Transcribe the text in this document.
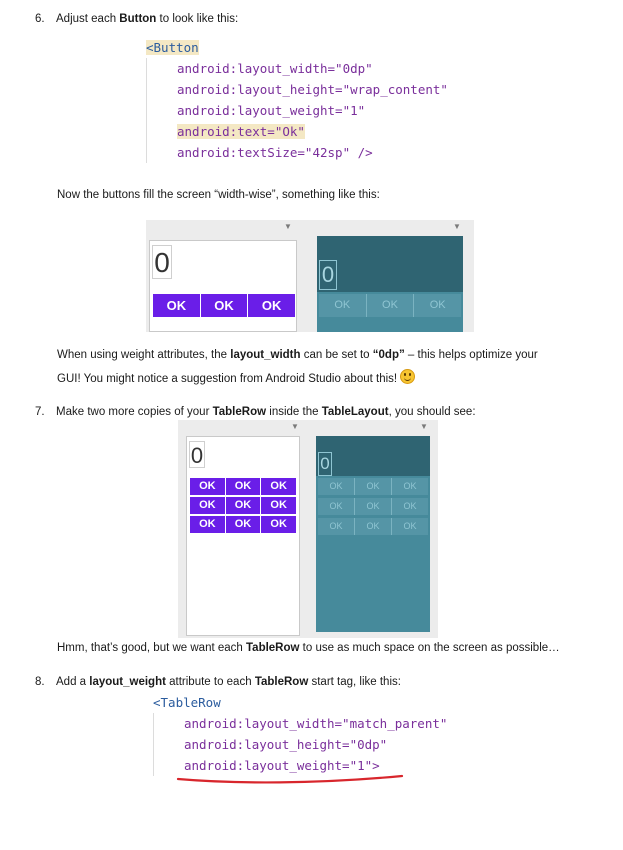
6. Adjust each Button to look like this:
<Button
android:layout_width="0dp"
android:layout_height="wrap_content"
android:layout_weight="1"
android:text="Ok"
android:textSize="42sp" />
Now the buttons fill the screen “width-wise”, something like this:
▼	▼
0
OK	OK	OK
0
OK	OK	OK
When using weight attributes, the layout_width can be set to “0dp” – this helps optimize your
GUI! You might notice a suggestion from Android Studio about this!
7. Make two more copies of your TableRow inside the TableLayout, you should see:
▼	▼
0
OK	OK	OK
OK	OK	OK
OK	OK	OK
0
OK	OK	OK
OK	OK	OK
OK	OK	OK
Hmm, that’s good, but we want each TableRow to use as much space on the screen as possible…
8. Add a layout_weight attribute to each TableRow start tag, like this:
<TableRow
android:layout_width="match_parent"
android:layout_height="0dp"
android:layout_weight="1">
